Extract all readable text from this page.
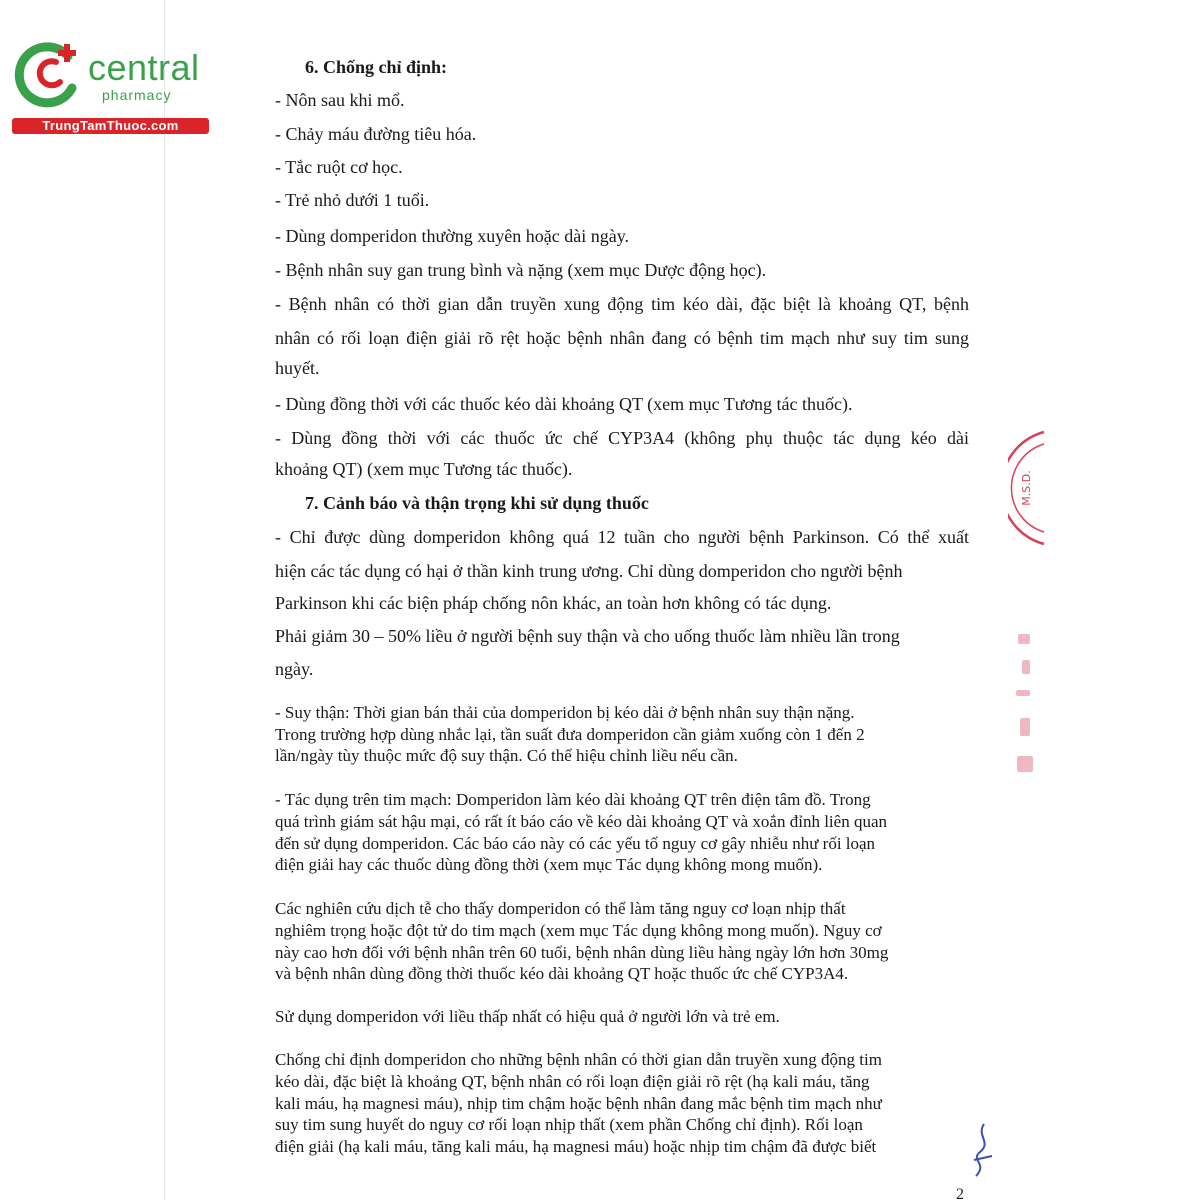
central
pharmacy
TrungTamThuoc.com
6. Chống chỉ định:
- Nôn sau khi mổ.
- Chảy máu đường tiêu hóa.
- Tắc ruột cơ học.
- Trẻ nhỏ dưới 1 tuổi.
- Dùng domperidon thường xuyên hoặc dài ngày.
- Bệnh nhân suy gan trung bình và nặng (xem mục Dược động học).
- Bệnh nhân có thời gian dẫn truyền xung động tim kéo dài, đặc biệt là khoảng QT, bệnh
nhân có rối loạn điện giải rõ rệt hoặc bệnh nhân đang có bệnh tim mạch như suy tim sung
huyết.
- Dùng đồng thời với các thuốc kéo dài khoảng QT (xem mục Tương tác thuốc).
- Dùng đồng thời với các thuốc ức chế CYP3A4 (không phụ thuộc tác dụng kéo dài
khoảng QT) (xem mục Tương tác thuốc).
7. Cảnh báo và thận trọng khi sử dụng thuốc
- Chỉ được dùng domperidon không quá 12 tuần cho người bệnh Parkinson. Có thể xuất
hiện các tác dụng có hại ở thần kinh trung ương. Chỉ dùng domperidon cho người bệnh
Parkinson khi các biện pháp chống nôn khác, an toàn hơn không có tác dụng.
Phải giảm 30 – 50% liều ở người bệnh suy thận và cho uống thuốc làm nhiều lần trong
ngày.
- Suy thận: Thời gian bán thải của domperidon bị kéo dài ở bệnh nhân suy thận nặng.
Trong trường hợp dùng nhắc lại, tần suất đưa domperidon cần giảm xuống còn 1 đến 2
lần/ngày tùy thuộc mức độ suy thận. Có thể hiệu chỉnh liều nếu cần.
- Tác dụng trên tim mạch: Domperidon làm kéo dài khoảng QT trên điện tâm đồ. Trong
quá trình giám sát hậu mại, có rất ít báo cáo về kéo dài khoảng QT và xoắn đỉnh liên quan
đến sử dụng domperidon. Các báo cáo này có các yếu tố nguy cơ gây nhiễu như rối loạn
điện giải hay các thuốc dùng đồng thời (xem mục Tác dụng không mong muốn).
Các nghiên cứu dịch tễ cho thấy domperidon có thể làm tăng nguy cơ loạn nhịp thất
nghiêm trọng hoặc đột tử do tim mạch (xem mục Tác dụng không mong muốn). Nguy cơ
này cao hơn đối với bệnh nhân trên 60 tuổi, bệnh nhân dùng liều hàng ngày lớn hơn 30mg
và bệnh nhân dùng đồng thời thuốc kéo dài khoảng QT hoặc thuốc ức chế CYP3A4.
Sử dụng domperidon với liều thấp nhất có hiệu quả ở người lớn và trẻ em.
Chống chỉ định domperidon cho những bệnh nhân có thời gian dẫn truyền xung động tim
kéo dài, đặc biệt là khoảng QT, bệnh nhân có rối loạn điện giải rõ rệt (hạ kali máu, tăng
kali máu, hạ magnesi máu), nhịp tim chậm hoặc bệnh nhân đang mắc bệnh tim mạch như
suy tim sung huyết do nguy cơ rối loạn nhịp thất (xem phần Chống chỉ định). Rối loạn
điện giải (hạ kali máu, tăng kali máu, hạ magnesi máu) hoặc nhịp tim chậm đã được biết
M.S.D.
2
